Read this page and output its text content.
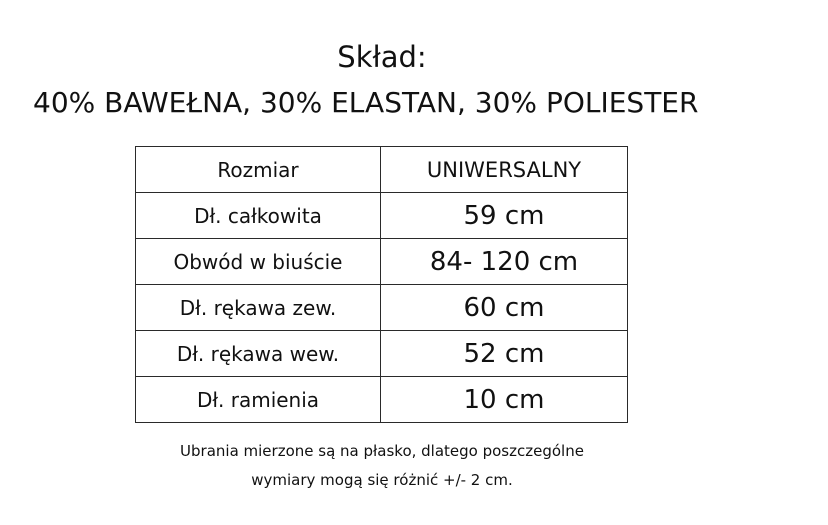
Skład:
40% BAWEŁNA, 30% ELASTAN, 30% POLIESTER
Rozmiar	UNIWERSALNY
Dł. całkowita	59 cm
Obwód w biuście	84- 120 cm
Dł. rękawa zew.	60 cm
Dł. rękawa wew.	52 cm
Dł. ramienia	10 cm
Ubrania mierzone są na płasko, dlatego poszczególne
wymiary mogą się różnić +/- 2 cm.
